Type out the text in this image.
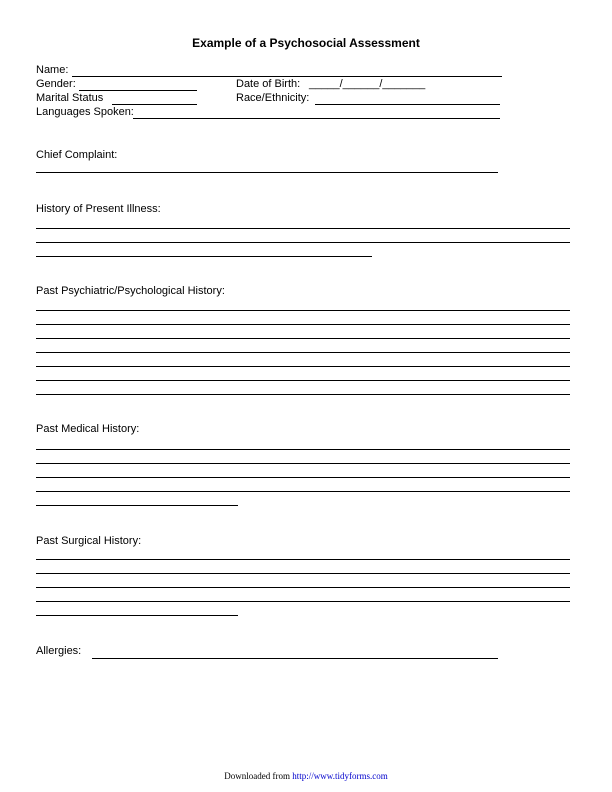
Example of a Psychosocial Assessment
Name:
Gender:	Date of Birth: _____/______/_______
Marital Status	Race/Ethnicity:
Languages Spoken:
Chief Complaint:
History of Present Illness:
Past Psychiatric/Psychological History:
Past Medical History:
Past Surgical History:
Allergies:
Downloaded from http://www.tidyforms.com
